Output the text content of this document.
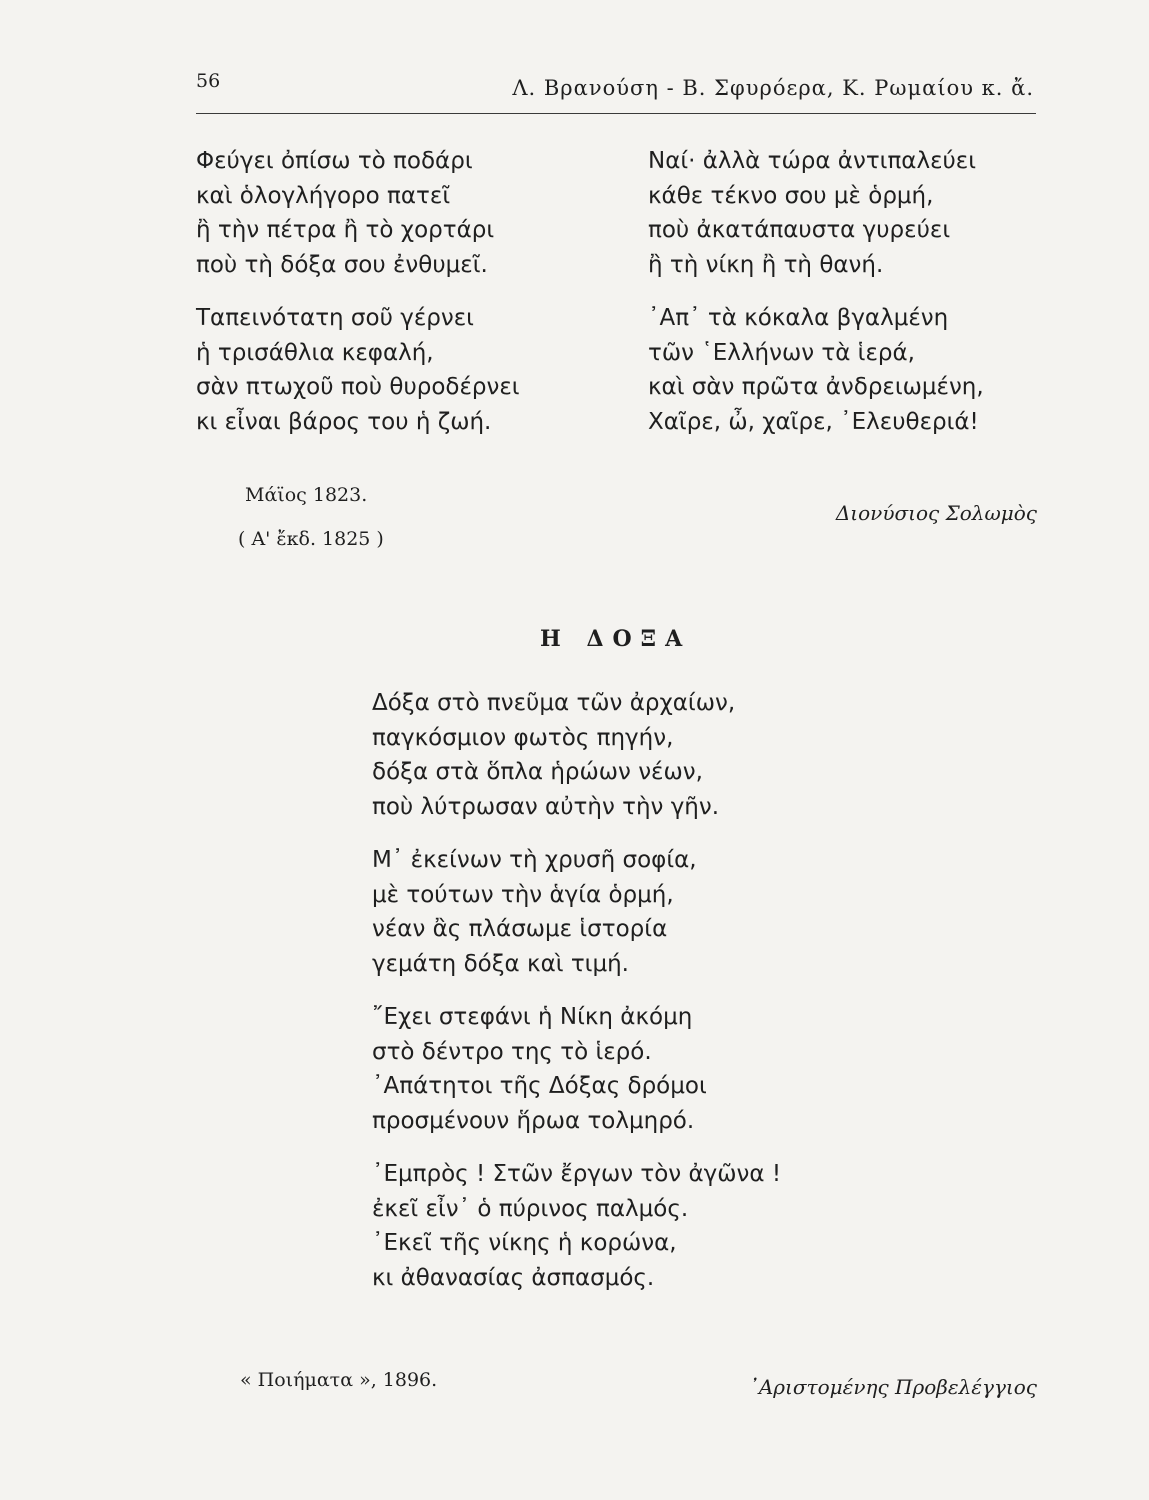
56	Λ. Βρανούση - Β. Σφυρόερα, Κ. Ρωμαίου κ. ἄ.
Φεύγει ὀπίσω τὸ ποδάρι
καὶ ὁλογλήγορο πατεῖ
ἢ τὴν πέτρα ἢ τὸ χορτάρι
ποὺ τὴ δόξα σου ἐνθυμεῖ.
Ταπεινότατη σοῦ γέρνει
ἡ τρισάθλια κεφαλή,
σὰν πτωχοῦ ποὺ θυροδέρνει
κι εἶναι βάρος του ἡ ζωή.
Ναί· ἀλλὰ τώρα ἀντιπαλεύει
κάθε τέκνο σου μὲ ὁρμή,
ποὺ ἀκατάπαυστα γυρεύει
ἢ τὴ νίκη ἢ τὴ θανή.
᾿Απ᾿ τὰ κόκαλα βγαλμένη
τῶν ῾Ελλήνων τὰ ἱερά,
καὶ σὰν πρῶτα ἀνδρειωμένη,
Χαῖρε, ὦ, χαῖρε, ᾿Ελευθεριά!
Μάϊος 1823.
( Α' ἔκδ. 1825 )
Διονύσιος Σολωμὸς
Η ΔΟΞΑ
Δόξα στὸ πνεῦμα τῶν ἀρχαίων,
παγκόσμιον φωτὸς πηγήν,
δόξα στὰ ὅπλα ἡρώων νέων,
ποὺ λύτρωσαν αὐτὴν τὴν γῆν.
Μ᾿ ἐκείνων τὴ χρυσῆ σοφία,
μὲ τούτων τὴν ἁγία ὁρμή,
νέαν ἂς πλάσωμε ἱστορία
γεμάτη δόξα καὶ τιμή.
῎Εχει στεφάνι ἡ Νίκη ἀκόμη
στὸ δέντρο της τὸ ἱερό.
᾿Απάτητοι τῆς Δόξας δρόμοι
προσμένουν ἥρωα τολμηρό.
᾿Εμπρὸς ! Στῶν ἔργων τὸν ἀγῶνα !
ἐκεῖ εἶν᾿ ὁ πύρινος παλμός.
᾿Εκεῖ τῆς νίκης ἡ κορώνα,
κι ἀθανασίας ἀσπασμός.
« Ποιήματα », 1896.	᾿Αριστομένης Προβελέγγιος
